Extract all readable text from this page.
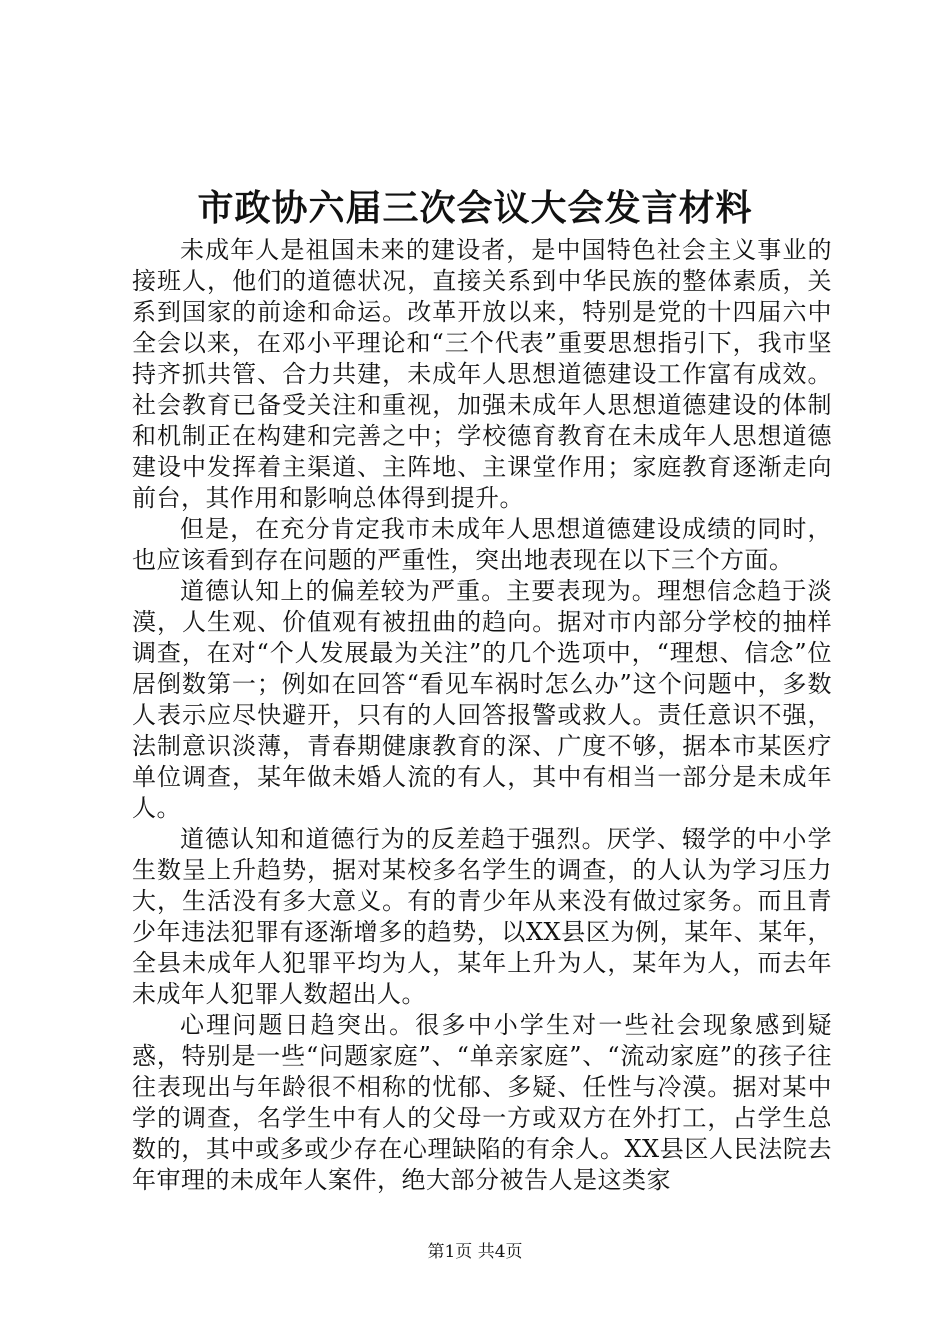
市政协六届三次会议大会发言材料

未成年人是祖国未来的建设者，是中国特色社会主义事业的接班人，他们的道德状况，直接关系到中华民族的整体素质，关系到国家的前途和命运。改革开放以来，特别是党的十四届六中全会以来，在邓小平理论和“三个代表”重要思想指引下，我市坚持齐抓共管、合力共建，未成年人思想道德建设工作富有成效。社会教育已备受关注和重视，加强未成年人思想道德建设的体制和机制正在构建和完善之中；学校德育教育在未成年人思想道德建设中发挥着主渠道、主阵地、主课堂作用；家庭教育逐渐走向前台，其作用和影响总体得到提升。

但是，在充分肯定我市未成年人思想道德建设成绩的同时，也应该看到存在问题的严重性，突出地表现在以下三个方面。

道德认知上的偏差较为严重。主要表现为。理想信念趋于淡漠，人生观、价值观有被扭曲的趋向。据对市内部分学校的抽样调查，在对“个人发展最为关注”的几个选项中，“理想、信念”位居倒数第一；例如在回答“看见车祸时怎么办”这个问题中，多数人表示应尽快避开，只有的人回答报警或救人。责任意识不强，法制意识淡薄，青春期健康教育的深、广度不够，据本市某医疗单位调查，某年做未婚人流的有人，其中有相当一部分是未成年人。

道德认知和道德行为的反差趋于强烈。厌学、辍学的中小学生数呈上升趋势，据对某校多名学生的调查，的人认为学习压力大，生活没有多大意义。有的青少年从来没有做过家务。而且青少年违法犯罪有逐渐增多的趋势，以XX县区为例，某年、某年，全县未成年人犯罪平均为人，某年上升为人，某年为人，而去年未成年人犯罪人数超出人。

心理问题日趋突出。很多中小学生对一些社会现象感到疑惑，特别是一些“问题家庭”、“单亲家庭”、“流动家庭”的孩子往往表现出与年龄很不相称的忧郁、多疑、任性与冷漠。据对某中学的调查，名学生中有人的父母一方或双方在外打工，占学生总数的，其中或多或少存在心理缺陷的有余人。XX县区人民法院去年审理的未成年人案件，绝大部分被告人是这类家

第1页 共4页
